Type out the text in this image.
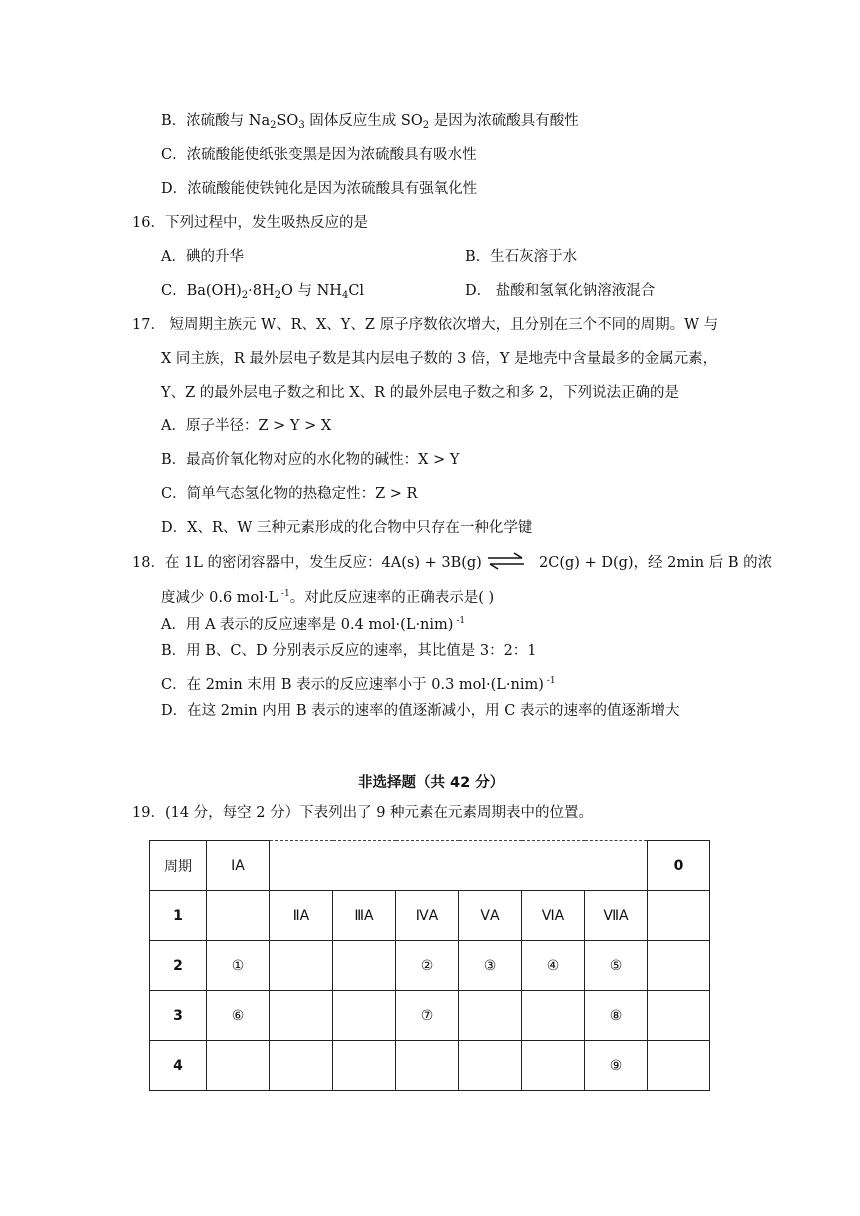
B．浓硫酸与 $Na_2SO_3$ 固体反应生成 $SO_2$ 是因为浓硫酸具有酸性
C．浓硫酸能使纸张变黑是因为浓硫酸具有吸水性
D．浓硫酸能使铁钝化是因为浓硫酸具有强氧化性
16．下列过程中，发生吸热反应的是
A．碘的升华	B．生石灰溶于水
C．$Ba(OH)_2\cdot 8H_2O$ 与 $NH_4Cl$	D． 盐酸和氢氧化钠溶液混合
17． 短周期主族元 W、R、X、Y、Z 原子序数依次增大，且分别在三个不同的周期。W 与
X 同主族，R 最外层电子数是其内层电子数的 3 倍，Y 是地壳中含量最多的金属元素，
Y、Z 的最外层电子数之和比 X、R 的最外层电子数之和多 2，下列说法正确的是
A．原子半径：Z > Y > X
B．最高价氧化物对应的水化物的碱性：X > Y
C．简单气态氢化物的热稳定性：Z > R
D．X、R、W 三种元素形成的化合物中只存在一种化学键
18．在 1L 的密闭容器中，发生反应：4A(s) + 3B(g) ⇌ 2C(g) + D(g)，经 2min 后 B 的浓
度减少 0.6 mol·L $^{-1}$。对此反应速率的正确表示是( )
A．用 A 表示的反应速率是 0.4 mol·(L·nim) $^{-1}$
B．用 B、C、D 分别表示反应的速率，其比值是 3：2：1
C．在 2min 末用 B 表示的反应速率小于 0.3 mol·(L·nim) $^{-1}$
D．在这 2min 内用 B 表示的速率的值逐渐减小，用 C 表示的速率的值逐渐增大
非选择题（共 42 分）
19．(14 分，每空 2 分）下表列出了 9 种元素在元素周期表中的位置。
周期	ⅠA							0
1		ⅡA	ⅢA	ⅣA	ⅤA	ⅥA	ⅦA	
2	①			②	③	④	⑤	
3	⑥			⑦			⑧	
4							⑨	
